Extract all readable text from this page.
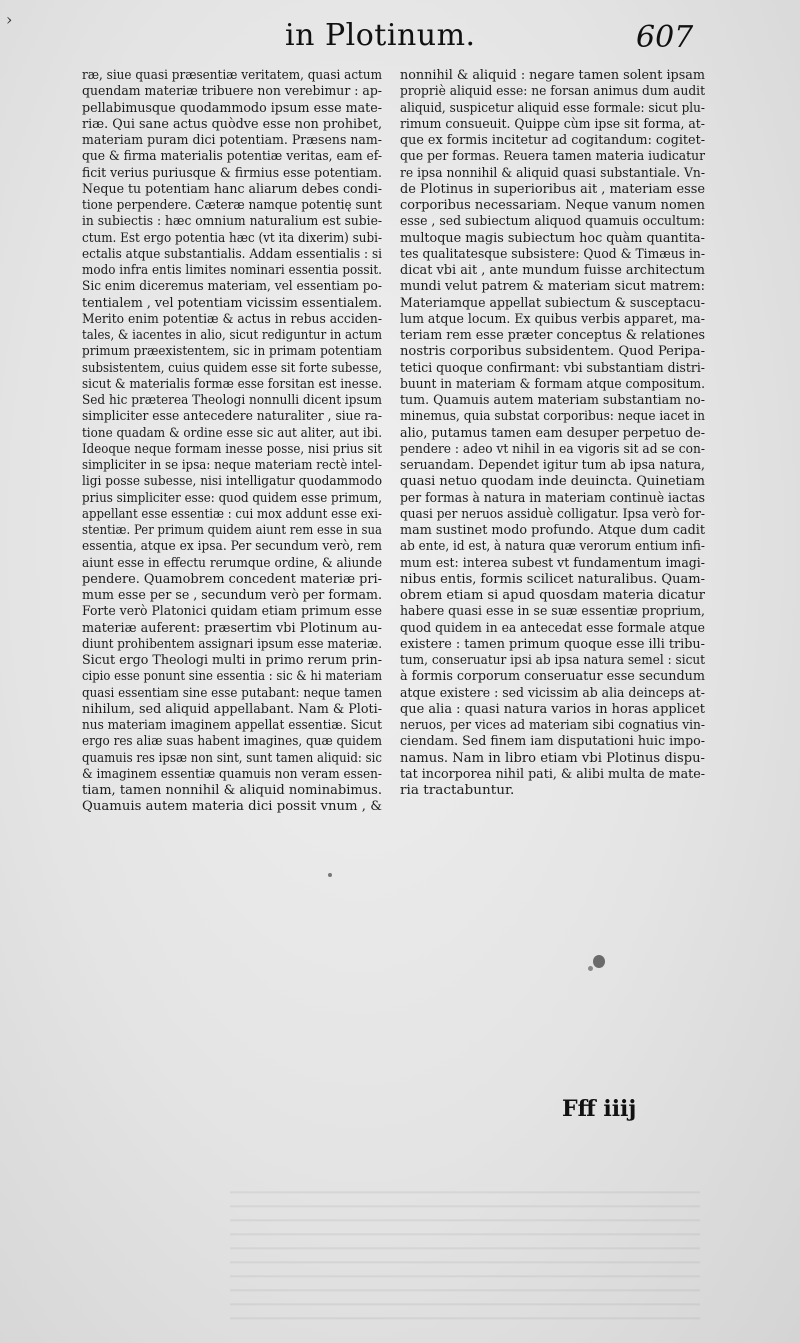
›	in Plotinum.	607
ræ, siue quasi præsentiæ veritatem, quasi actum
quendam materiæ tribuere non verebimur : ap-
pellabimusque quodammodo ipsum esse mate-
riæ. Qui sane actus quòdve esse non prohibet,
materiam puram dici potentiam. Præsens nam-
que & firma materialis potentiæ veritas, eam ef-
ficit verius puriusque & firmius esse potentiam.
Neque tu potentiam hanc aliarum debes condi-
tione perpendere. Cæteræ namque potentię sunt
in subiectis : hæc omnium naturalium est subie-
ctum. Est ergo potentia hæc (vt ita dixerim) subi-
ectalis atque substantialis. Addam essentialis : si
modo infra entis limites nominari essentia possit.
Sic enim diceremus materiam, vel essentiam po-
tentialem , vel potentiam vicissim essentialem.
Merito enim potentiæ & actus in rebus acciden-
tales, & iacentes in alio, sicut rediguntur in actum
primum præexistentem, sic in primam potentiam
subsistentem, cuius quidem esse sit forte subesse,
sicut & materialis formæ esse forsitan est inesse.
Sed hic præterea Theologi nonnulli dicent ipsum
simpliciter esse antecedere naturaliter , siue ra-
tione quadam & ordine esse sic aut aliter, aut ibi.
Ideoque neque formam inesse posse, nisi prius sit
simpliciter in se ipsa: neque materiam rectè intel-
ligi posse subesse, nisi intelligatur quodammodo
prius simpliciter esse: quod quidem esse primum,
appellant esse essentiæ : cui mox addunt esse exi-
stentiæ. Per primum quidem aiunt rem esse in sua
essentia, atque ex ipsa. Per secundum verò, rem
aiunt esse in effectu rerumque ordine, & aliunde
pendere. Quamobrem concedent materiæ pri-
mum esse per se , secundum verò per formam.
Forte verò Platonici quidam etiam primum esse
materiæ auferent: præsertim vbi Plotinum au-
diunt prohibentem assignari ipsum esse materiæ.
Sicut ergo Theologi multi in primo rerum prin-
cipio esse ponunt sine essentia : sic & hi materiam
quasi essentiam sine esse putabant: neque tamen
nihilum, sed aliquid appellabant. Nam & Ploti-
nus materiam imaginem appellat essentiæ. Sicut
ergo res aliæ suas habent imagines, quæ quidem
quamuis res ipsæ non sint, sunt tamen aliquid: sic
& imaginem essentiæ quamuis non veram essen-
tiam, tamen nonnihil & aliquid nominabimus.
Quamuis autem materia dici possit vnum , &
nonnihil & aliquid : negare tamen solent ipsam
propriè aliquid esse: ne forsan animus dum audit
aliquid, suspicetur aliquid esse formale: sicut plu-
rimum consueuit. Quippe cùm ipse sit forma, at-
que ex formis incitetur ad cogitandum: cogitet-
que per formas. Reuera tamen materia iudicatur
re ipsa nonnihil & aliquid quasi substantiale. Vn-
de Plotinus in superioribus ait , materiam esse
corporibus necessariam. Neque vanum nomen
esse , sed subiectum aliquod quamuis occultum:
multoque magis subiectum hoc quàm quantita-
tes qualitatesque subsistere: Quod & Timæus in-
dicat vbi ait , ante mundum fuisse architectum
mundi velut patrem & materiam sicut matrem:
Materiamque appellat subiectum & susceptacu-
lum atque locum. Ex quibus verbis apparet, ma-
teriam rem esse præter conceptus & relationes
nostris corporibus subsidentem. Quod Peripa-
tetici quoque confirmant: vbi substantiam distri-
buunt in materiam & formam atque compositum.
tum. Quamuis autem materiam substantiam no-
minemus, quia substat corporibus: neque iacet in
alio, putamus tamen eam desuper perpetuo de-
pendere : adeo vt nihil in ea vigoris sit ad se con-
seruandam. Dependet igitur tum ab ipsa natura,
quasi netuo quodam inde deuincta. Quinetiam
per formas à natura in materiam continuè iactas
quasi per neruos assiduè colligatur. Ipsa verò for-
mam sustinet modo profundo. Atque dum cadit
ab ente, id est, à natura quæ verorum entium infi-
mum est: interea subest vt fundamentum imagi-
nibus entis, formis scilicet naturalibus. Quam-
obrem etiam si apud quosdam materia dicatur
habere quasi esse in se suæ essentiæ proprium,
quod quidem in ea antecedat esse formale atque
existere : tamen primum quoque esse illi tribu-
tum, conseruatur ipsi ab ipsa natura semel : sicut
à formis corporum conseruatur esse secundum
atque existere : sed vicissim ab alia deinceps at-
que alia : quasi natura varios in horas applicet
neruos, per vices ad materiam sibi cognatius vin-
ciendam. Sed finem iam disputationi huic impo-
namus. Nam in libro etiam vbi Plotinus dispu-
tat incorporea nihil pati, & alibi multa de mate-
ria tractabuntur.
Fff iiij
